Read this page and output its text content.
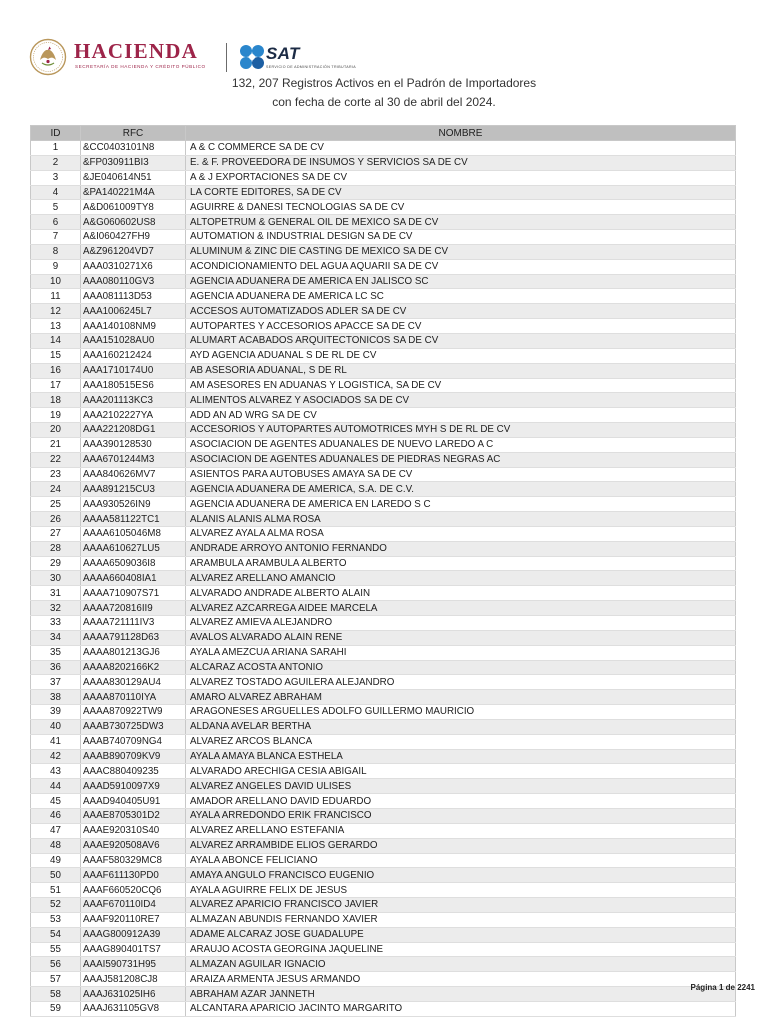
HACIENDA
SECRETARÍA DE HACIENDA Y CRÉDITO PÚBLICO
SAT
SERVICIO DE ADMINISTRACIÓN TRIBUTARIA
132, 207 Registros Activos en el Padrón de Importadores
con fecha de corte al 30 de abril del 2024.
ID	RFC	NOMBRE
1	&CC0403101N8	A & C COMMERCE SA DE CV
2	&FP030911BI3	E. & F. PROVEEDORA DE INSUMOS Y SERVICIOS SA DE CV
3	&JE040614N51	A & J EXPORTACIONES SA DE CV
4	&PA140221M4A	LA CORTE EDITORES, SA DE CV
5	A&D061009TY8	AGUIRRE & DANESI TECNOLOGIAS SA DE CV
6	A&G060602US8	ALTOPETRUM & GENERAL OIL DE MEXICO SA DE CV
7	A&I060427FH9	AUTOMATION & INDUSTRIAL DESIGN SA DE CV
8	A&Z961204VD7	ALUMINUM & ZINC DIE CASTING DE MEXICO SA DE CV
9	AAA0310271X6	ACONDICIONAMIENTO DEL AGUA AQUARII SA DE CV
10	AAA080110GV3	AGENCIA ADUANERA DE AMERICA EN JALISCO SC
11	AAA081113D53	AGENCIA ADUANERA DE AMERICA LC SC
12	AAA1006245L7	ACCESOS AUTOMATIZADOS ADLER SA DE CV
13	AAA140108NM9	AUTOPARTES Y ACCESORIOS APACCE SA DE CV
14	AAA151028AU0	ALUMART ACABADOS ARQUITECTONICOS SA DE CV
15	AAA160212424	AYD AGENCIA ADUANAL S DE RL DE CV
16	AAA1710174U0	AB ASESORIA ADUANAL, S DE RL
17	AAA180515ES6	AM ASESORES EN ADUANAS Y LOGISTICA, SA DE CV
18	AAA201113KC3	ALIMENTOS ALVAREZ Y ASOCIADOS SA DE CV
19	AAA2102227YA	ADD AN AD WRG SA DE CV
20	AAA221208DG1	ACCESORIOS Y AUTOPARTES AUTOMOTRICES MYH S DE RL DE CV
21	AAA390128530	ASOCIACION DE AGENTES ADUANALES DE NUEVO LAREDO A C
22	AAA6701244M3	ASOCIACION DE AGENTES ADUANALES DE PIEDRAS NEGRAS AC
23	AAA840626MV7	ASIENTOS PARA AUTOBUSES AMAYA SA DE CV
24	AAA891215CU3	AGENCIA ADUANERA DE AMERICA, S.A. DE C.V.
25	AAA930526IN9	AGENCIA ADUANERA DE AMERICA EN LAREDO S C
26	AAAA581122TC1	ALANIS ALANIS ALMA ROSA
27	AAAA6105046M8	ALVAREZ AYALA ALMA ROSA
28	AAAA610627LU5	ANDRADE ARROYO ANTONIO FERNANDO
29	AAAA6509036I8	ARAMBULA ARAMBULA ALBERTO
30	AAAA660408IA1	ALVAREZ ARELLANO AMANCIO
31	AAAA710907S71	ALVARADO ANDRADE ALBERTO ALAIN
32	AAAA720816II9	ALVAREZ AZCARREGA AIDEE MARCELA
33	AAAA721111IV3	ALVAREZ AMIEVA ALEJANDRO
34	AAAA791128D63	AVALOS ALVARADO ALAIN RENE
35	AAAA801213GJ6	AYALA AMEZCUA ARIANA SARAHI
36	AAAA8202166K2	ALCARAZ ACOSTA ANTONIO
37	AAAA830129AU4	ALVAREZ TOSTADO AGUILERA ALEJANDRO
38	AAAA870110IYA	AMARO ALVAREZ ABRAHAM
39	AAAA870922TW9	ARAGONESES ARGUELLES ADOLFO GUILLERMO MAURICIO
40	AAAB730725DW3	ALDANA AVELAR BERTHA
41	AAAB740709NG4	ALVAREZ ARCOS BLANCA
42	AAAB890709KV9	AYALA AMAYA BLANCA ESTHELA
43	AAAC880409235	ALVARADO ARECHIGA CESIA ABIGAIL
44	AAAD5910097X9	ALVAREZ ANGELES DAVID ULISES
45	AAAD940405U91	AMADOR ARELLANO DAVID EDUARDO
46	AAAE8705301D2	AYALA ARREDONDO ERIK FRANCISCO
47	AAAE920310S40	ALVAREZ ARELLANO ESTEFANIA
48	AAAE920508AV6	ALVAREZ ARRAMBIDE ELIOS GERARDO
49	AAAF580329MC8	AYALA ABONCE FELICIANO
50	AAAF611130PD0	AMAYA ANGULO FRANCISCO EUGENIO
51	AAAF660520CQ6	AYALA AGUIRRE FELIX DE JESUS
52	AAAF670110ID4	ALVAREZ APARICIO FRANCISCO JAVIER
53	AAAF920110RE7	ALMAZAN ABUNDIS FERNANDO XAVIER
54	AAAG800912A39	ADAME ALCARAZ JOSE GUADALUPE
55	AAAG890401TS7	ARAUJO ACOSTA GEORGINA JAQUELINE
56	AAAI590731H95	ALMAZAN AGUILAR IGNACIO
57	AAAJ581208CJ8	ARAIZA ARMENTA JESUS ARMANDO
58	AAAJ631025IH6	ABRAHAM AZAR JANNETH
59	AAAJ631105GV8	ALCANTARA APARICIO JACINTO MARGARITO
Página 1 de 2241
